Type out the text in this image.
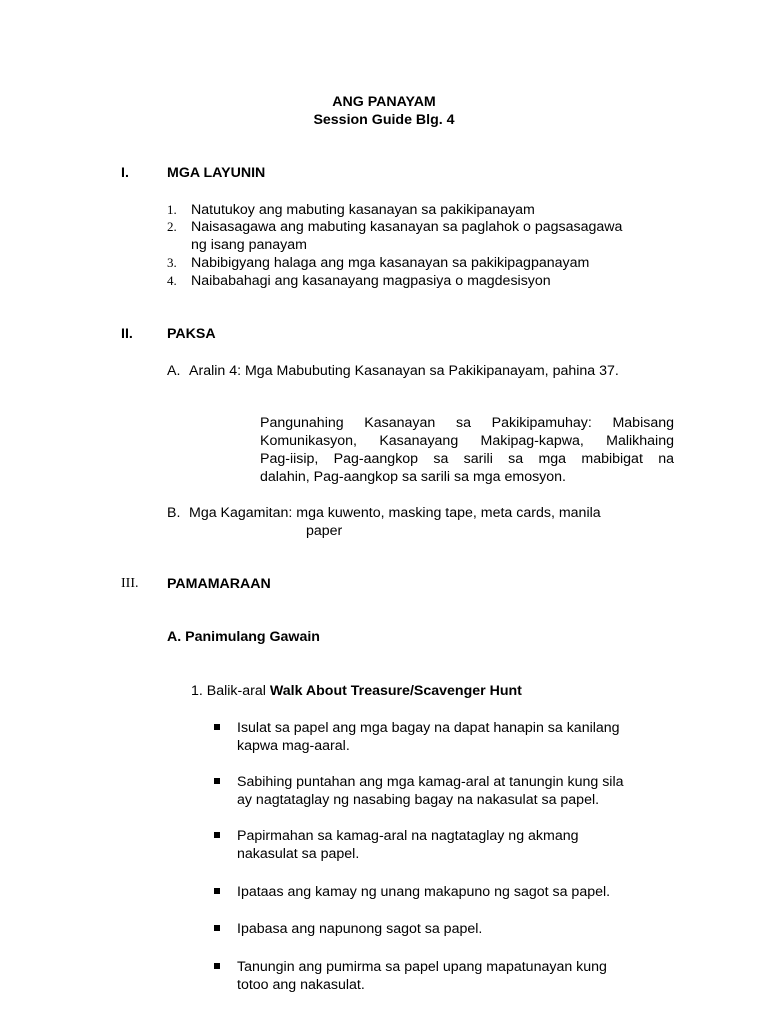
ANG PANAYAM
Session Guide Blg. 4
I.	MGA LAYUNIN
1. Natutukoy ang mabuting kasanayan sa pakikipanayam
2. Naisasagawa ang mabuting kasanayan sa paglahok o pagsasagawa
ng isang panayam
3. Nabibigyang halaga ang mga kasanayan sa pakikipagpanayam
4. Naibabahagi ang kasanayang magpasiya o magdesisyon
II. PAKSA
A. Aralin 4: Mga Mabubuting Kasanayan sa Pakikipanayam, pahina 37.
Pangunahing Kasanayan sa Pakikipamuhay: Mabisang
Komunikasyon, Kasanayang Makipag-kapwa, Malikhaing
Pag-iisip, Pag-aangkop sa sarili sa mga mabibigat na
dalahin, Pag-aangkop sa sarili sa mga emosyon.
B. Mga Kagamitan: mga kuwento, masking tape, meta cards, manila
paper
III. PAMAMARAAN
A. Panimulang Gawain
1. Balik-aral Walk About Treasure/Scavenger Hunt
Isulat sa papel ang mga bagay na dapat hanapin sa kanilang
kapwa mag-aaral.
Sabihing puntahan ang mga kamag-aral at tanungin kung sila
ay nagtataglay ng nasabing bagay na nakasulat sa papel.
Papirmahan sa kamag-aral na nagtataglay ng akmang
nakasulat sa papel.
Ipataas ang kamay ng unang makapuno ng sagot sa papel.
Ipabasa ang napunong sagot sa papel.
Tanungin ang pumirma sa papel upang mapatunayan kung
totoo ang nakasulat.
